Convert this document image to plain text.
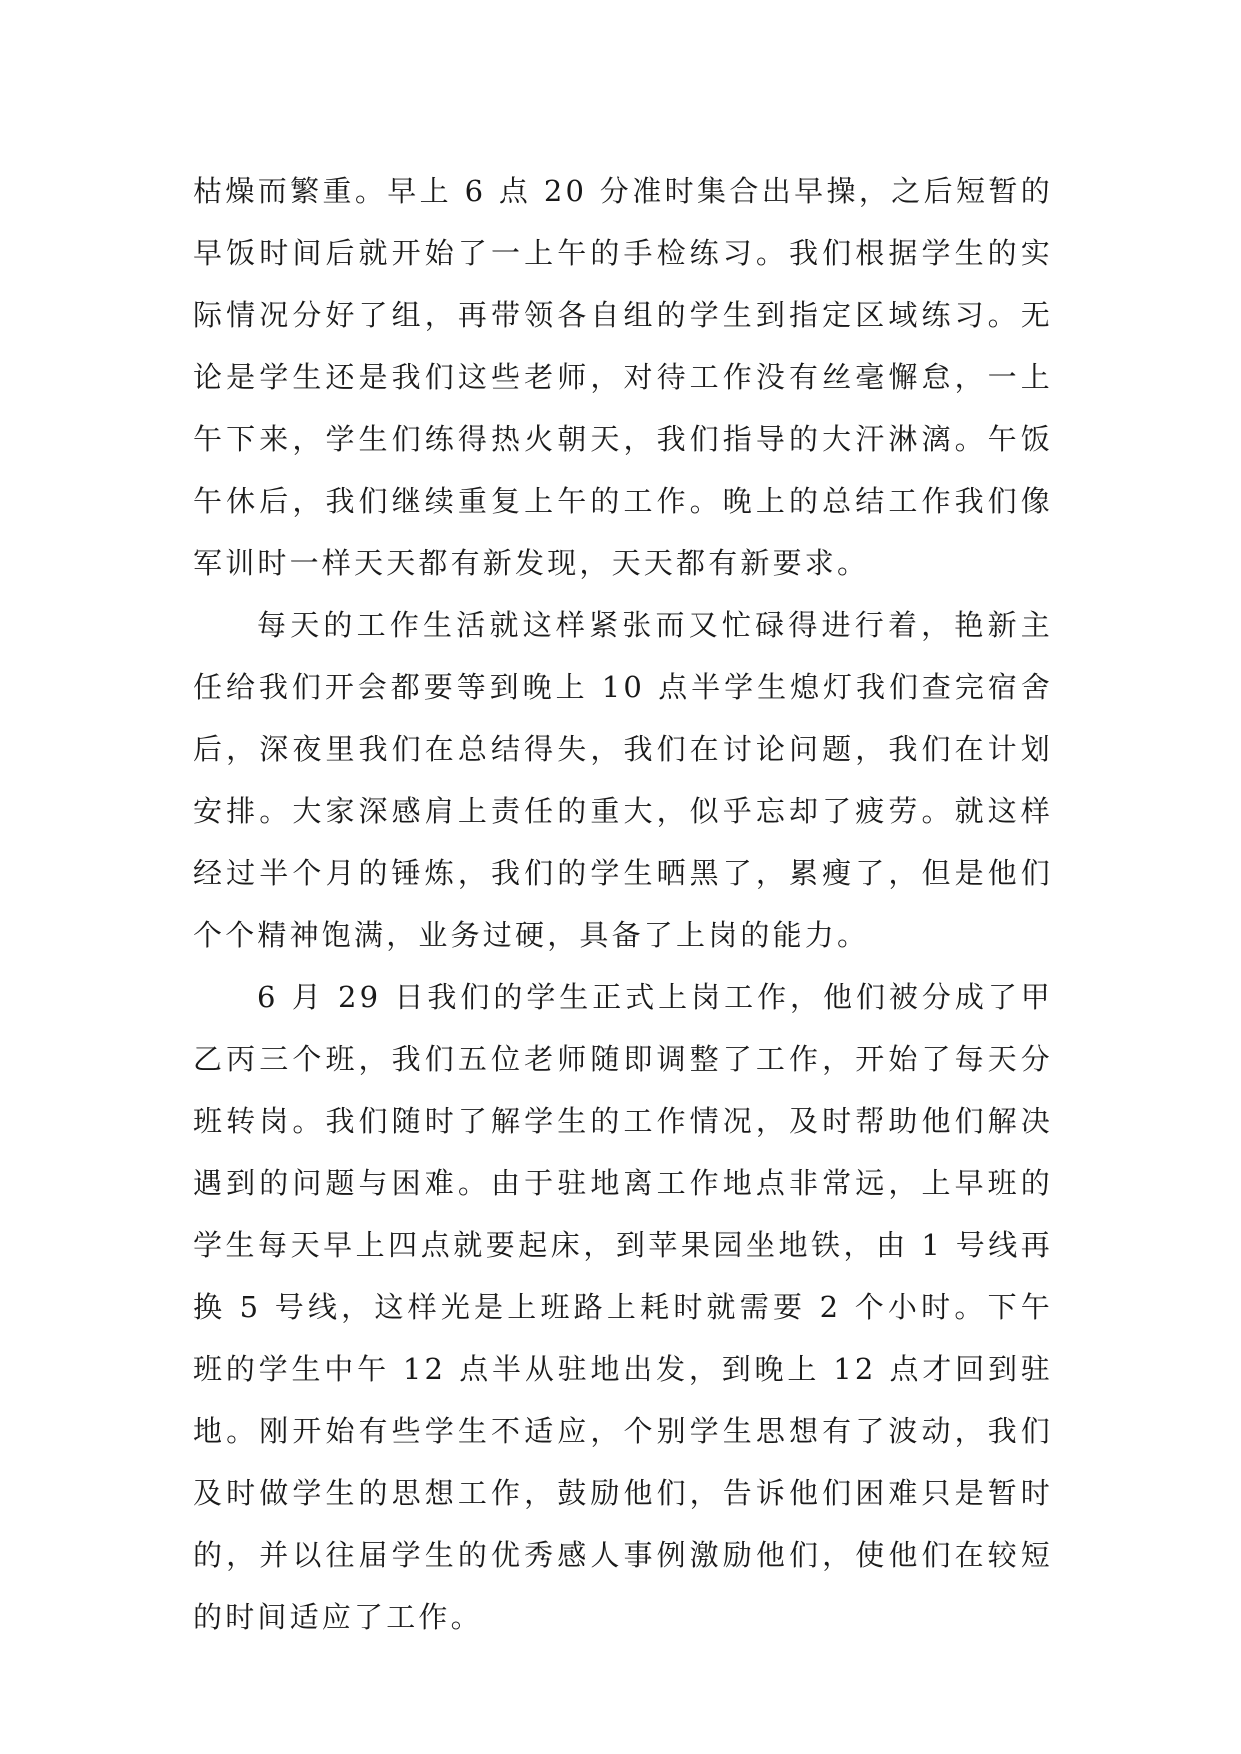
枯燥而繁重。早上 6 点 20 分准时集合出早操，之后短暂的早饭时间后就开始了一上午的手检练习。我们根据学生的实际情况分好了组，再带领各自组的学生到指定区域练习。无论是学生还是我们这些老师，对待工作没有丝毫懈怠，一上午下来，学生们练得热火朝天，我们指导的大汗淋漓。午饭午休后，我们继续重复上午的工作。晚上的总结工作我们像军训时一样天天都有新发现，天天都有新要求。

每天的工作生活就这样紧张而又忙碌得进行着，艳新主任给我们开会都要等到晚上 10 点半学生熄灯我们查完宿舍后，深夜里我们在总结得失，我们在讨论问题，我们在计划安排。大家深感肩上责任的重大，似乎忘却了疲劳。就这样经过半个月的锤炼，我们的学生晒黑了，累瘦了，但是他们个个精神饱满，业务过硬，具备了上岗的能力。

6 月 29 日我们的学生正式上岗工作，他们被分成了甲乙丙三个班，我们五位老师随即调整了工作，开始了每天分班转岗。我们随时了解学生的工作情况，及时帮助他们解决遇到的问题与困难。由于驻地离工作地点非常远，上早班的学生每天早上四点就要起床，到苹果园坐地铁，由 1 号线再换 5 号线，这样光是上班路上耗时就需要 2 个小时。下午班的学生中午 12 点半从驻地出发，到晚上 12 点才回到驻地。刚开始有些学生不适应，个别学生思想有了波动，我们及时做学生的思想工作，鼓励他们，告诉他们困难只是暂时的，并以往届学生的优秀感人事例激励他们，使他们在较短的时间适应了工作。
